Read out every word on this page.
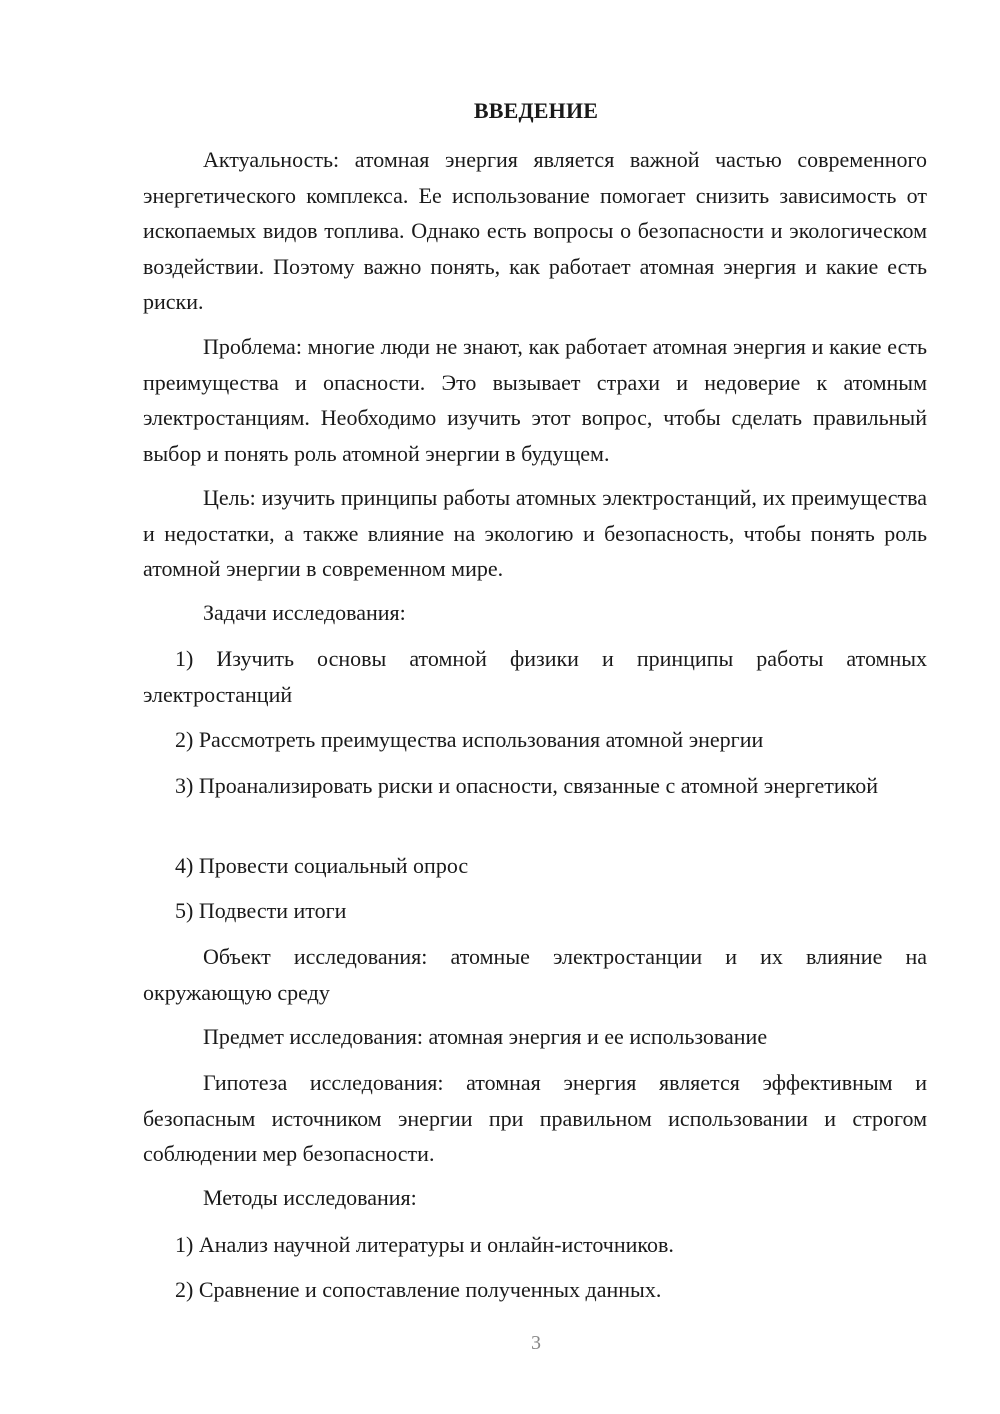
ВВЕДЕНИЕ

Актуальность: атомная энергия является важной частью современного энергетического комплекса. Ее использование помогает снизить зависимость от ископаемых видов топлива. Однако есть вопросы о безопасности и экологическом воздействии. Поэтому важно понять, как работает атомная энергия и какие есть риски.

Проблема: многие люди не знают, как работает атомная энергия и какие есть преимущества и опасности. Это вызывает страхи и недоверие к атомным электростанциям. Необходимо изучить этот вопрос, чтобы сделать правильный выбор и понять роль атомной энергии в будущем.

Цель: изучить принципы работы атомных электростанций, их преимущества и недостатки, а также влияние на экологию и безопасность, чтобы понять роль атомной энергии в современном мире.

Задачи исследования:

1) Изучить основы атомной физики и принципы работы атомных электростанций

2) Рассмотреть преимущества использования атомной энергии

3) Проанализировать риски и опасности, связанные с атомной энергетикой

4) Провести социальный опрос

5) Подвести итоги

Объект исследования: атомные электростанции и их влияние на окружающую среду

Предмет исследования: атомная энергия и ее использование

Гипотеза исследования: атомная энергия является эффективным и безопасным источником энергии при правильном использовании и строгом соблюдении мер безопасности.

Методы исследования:

1) Анализ научной литературы и онлайн-источников.

2) Сравнение и сопоставление полученных данных.

3
